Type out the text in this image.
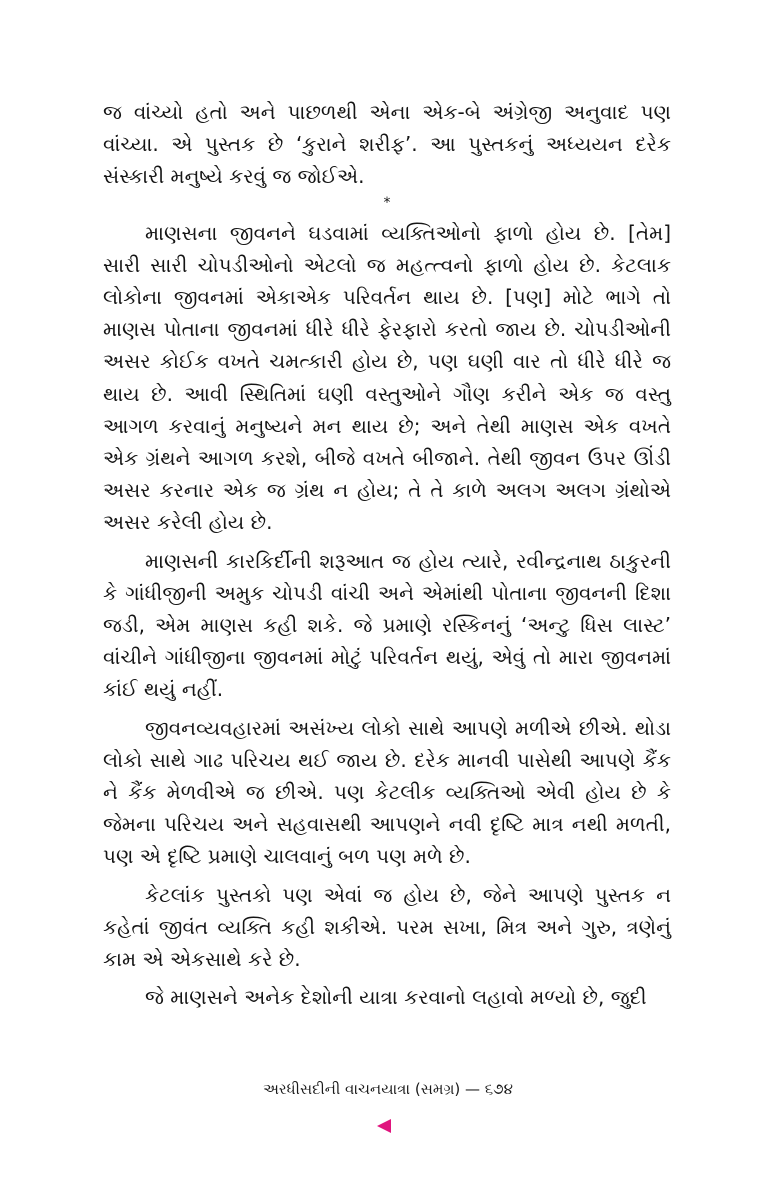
જ વાંચ્યો હતો અને પાછળથી એના એક-બે અંગ્રેજી અનુવાદ પણ વાંચ્યા. એ પુસ્તક છે ‘કુરાને શરીફ’. આ પુસ્તકનું અધ્યયન દરેક સંસ્કારી મનુષ્યે કરવું જ જોઈએ.

*

માણસના જીવનને ઘડવામાં વ્યક્તિઓનો ફાળો હોય છે. [તેમ] સારી સારી ચોપડીઓનો એટલો જ મહત્ત્વનો ફાળો હોય છે. કેટલાક લોકોના જીવનમાં એકાએક પરિવર્તન થાય છે. [પણ] મોટે ભાગે તો માણસ પોતાના જીવનમાં ધીરે ધીરે ફેરફારો કરતો જાય છે. ચોપડીઓની અસર કોઈક વખતે ચમત્કારી હોય છે, પણ ઘણી વાર તો ધીરે ધીરે જ થાય છે. આવી સ્થિતિમાં ઘણી વસ્તુઓને ગૌણ કરીને એક જ વસ્તુ આગળ કરવાનું મનુષ્યને મન થાય છે; અને તેથી માણસ એક વખતે એક ગ્રંથને આગળ કરશે, બીજે વખતે બીજાને. તેથી જીવન ઉપર ઊંડી અસર કરનાર એક જ ગ્રંથ ન હોય; તે તે કાળે અલગ અલગ ગ્રંથોએ અસર કરેલી હોય છે.

માણસની કારકિર્દીની શરૂઆત જ હોય ત્યારે, રવીન્દ્રનાથ ઠાકુરની કે ગાંધીજીની અમુક ચોપડી વાંચી અને એમાંથી પોતાના જીવનની દિશા જડી, એમ માણસ કહી શકે. જે પ્રમાણે રસ્કિનનું ‘અન્ટુ ધિસ લાસ્ટ’ વાંચીને ગાંધીજીના જીવનમાં મોટું પરિવર્તન થયું, એવું તો મારા જીવનમાં કાંઈ થયું નહીં.

જીવનવ્યવહારમાં અસંખ્ય લોકો સાથે આપણે મળીએ છીએ. થોડા લોકો સાથે ગાઢ પરિચય થઈ જાય છે. દરેક માનવી પાસેથી આપણે કૈંક ને કૈંક મેળવીએ જ છીએ. પણ કેટલીક વ્યક્તિઓ એવી હોય છે કે જેમના પરિચય અને સહવાસથી આપણને નવી દૃષ્ટિ માત્ર નથી મળતી, પણ એ દૃષ્ટિ પ્રમાણે ચાલવાનું બળ પણ મળે છે.

કેટલાંક પુસ્તકો પણ એવાં જ હોય છે, જેને આપણે પુસ્તક ન કહેતાં જીવંત વ્યક્તિ કહી શકીએ. પરમ સખા, મિત્ર અને ગુરુ, ત્રણેનું કામ એ એકસાથે કરે છે.

જે માણસને અનેક દેશોની યાત્રા કરવાનો લહાવો મળ્યો છે, જુદી

અરધીસદીની વાચનયાત્રા (સમગ્ર) — ૬૭૪
